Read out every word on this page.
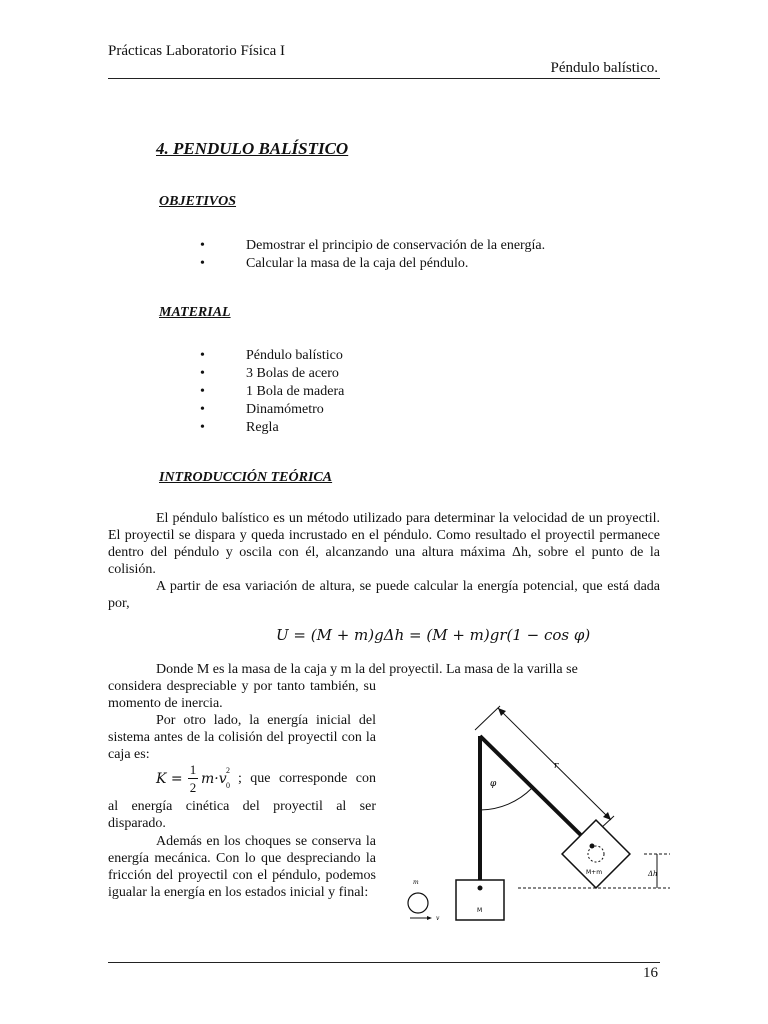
Prácticas Laboratorio Física I
Péndulo balístico.
4. PENDULO BALÍSTICO
OBJETIVOS
• Demostrar el principio de conservación de la energía.
• Calcular la masa de la caja del péndulo.
MATERIAL
• Péndulo balístico
• 3 Bolas de acero
• 1 Bola de madera
• Dinamómetro
• Regla
INTRODUCCIÓN TEÓRICA
El péndulo balístico es un método utilizado para determinar la velocidad de un proyectil. El proyectil se dispara y queda incrustado en el péndulo. Como resultado el proyectil permanece dentro del péndulo y oscila con él, alcanzando una altura máxima Δh, sobre el punto de la colisión.
A partir de esa variación de altura, se puede calcular la energía potencial, que está dada por,
U = (M + m)gΔh = (M + m)gr(1 − cos φ)
Donde M es la masa de la caja y m la del proyectil. La masa de la varilla se
considera despreciable y por tanto también, su momento de inercia.
Por otro lado, la energía inicial del sistema antes de la colisión del proyectil con la caja es:
K =
1
2
m·v
2
0 ; que corresponde con
al energía cinética del proyectil al ser disparado.
Además en los choques se conserva la energía mecánica. Con lo que despreciando la fricción del proyectil con el péndulo, podemos igualar la energía en los estados inicial y final:
r
φ
M+m	Δh
M
m
v
16
